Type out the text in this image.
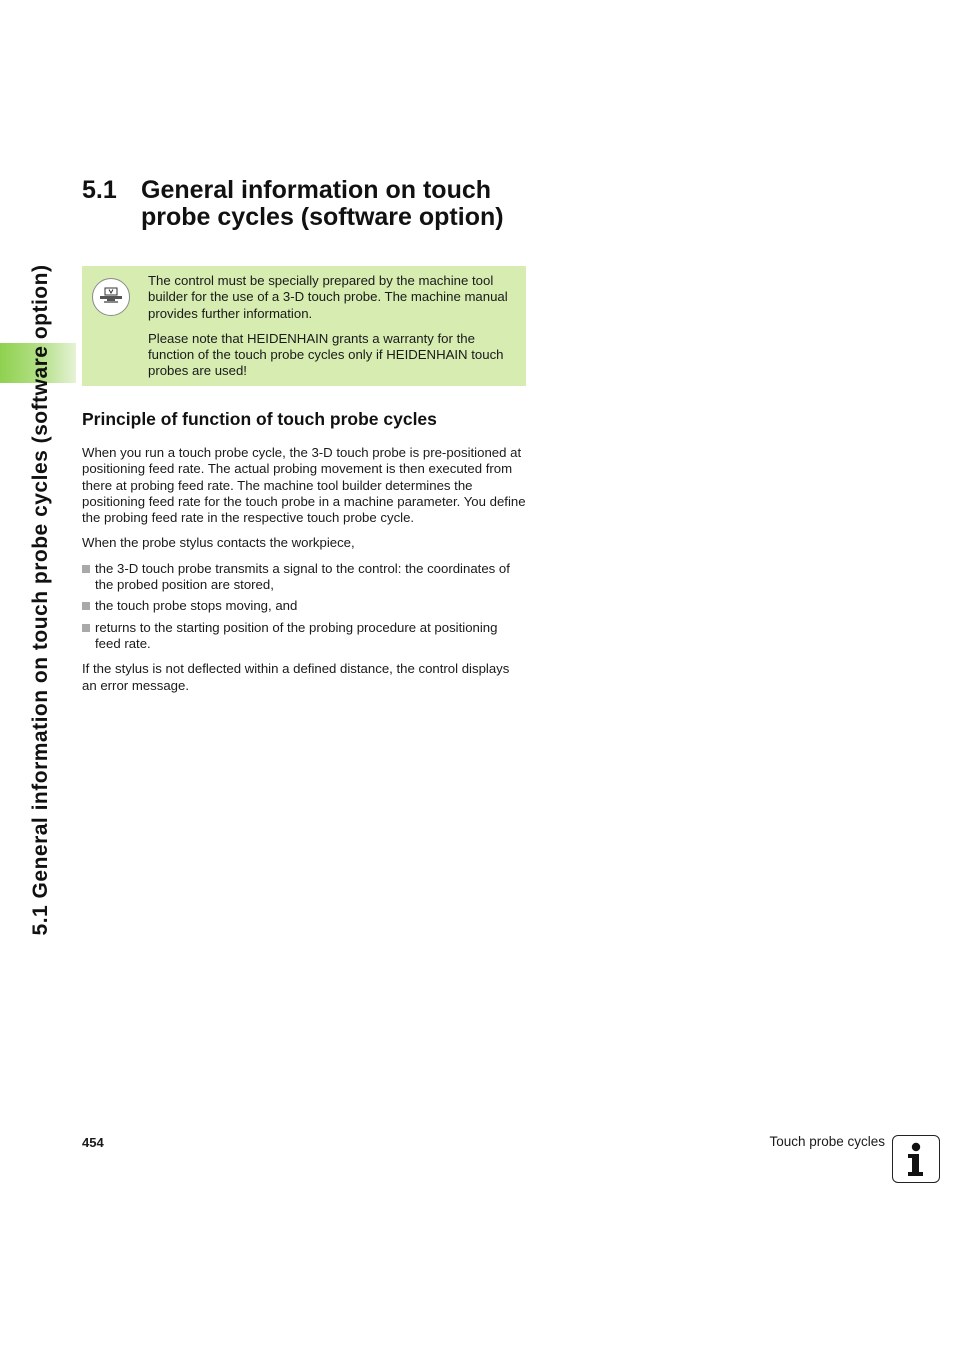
5.1 General information on touch probe cycles (software option)
5.1 General information on touch probe cycles (software option)

The control must be specially prepared by the machine tool builder for the use of a 3-D touch probe. The machine manual provides further information.

Please note that HEIDENHAIN grants a warranty for the function of the touch probe cycles only if HEIDENHAIN touch probes are used!

Principle of function of touch probe cycles

When you run a touch probe cycle, the 3-D touch probe is pre-positioned at positioning feed rate. The actual probing movement is then executed from there at probing feed rate. The machine tool builder determines the positioning feed rate for the touch probe in a machine parameter. You define the probing feed rate in the respective touch probe cycle.

When the probe stylus contacts the workpiece,

the 3-D touch probe transmits a signal to the control: the coordinates of the probed position are stored,
the touch probe stops moving, and
returns to the starting position of the probing procedure at positioning feed rate.

If the stylus is not deflected within a defined distance, the control displays an error message.

454	Touch probe cycles
